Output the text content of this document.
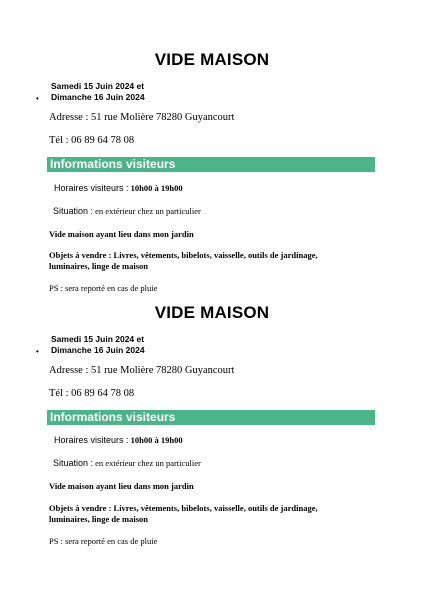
VIDE MAISON
Samedi 15 Juin 2024 et
• Dimanche 16 Juin 2024
Adresse : 51 rue Molière 78280 Guyancourt
Tél : 06 89 64 78 08
Informations visiteurs
Horaires visiteurs : 10h00 à 19h00
Situation : en extérieur chez un particulier
Vide maison ayant lieu dans mon jardin
Objets à vendre : Livres, vêtements, bibelots, vaisselle, outils de jardinage,
luminaires, linge de maison
PS : sera reporté en cas de pluie
VIDE MAISON
Samedi 15 Juin 2024 et
• Dimanche 16 Juin 2024
Adresse : 51 rue Molière 78280 Guyancourt
Tél : 06 89 64 78 08
Informations visiteurs
Horaires visiteurs : 10h00 à 19h00
Situation : en extérieur chez un particulier
Vide maison ayant lieu dans mon jardin
Objets à vendre : Livres, vêtements, bibelots, vaisselle, outils de jardinage,
luminaires, linge de maison
PS : sera reporté en cas de pluie
